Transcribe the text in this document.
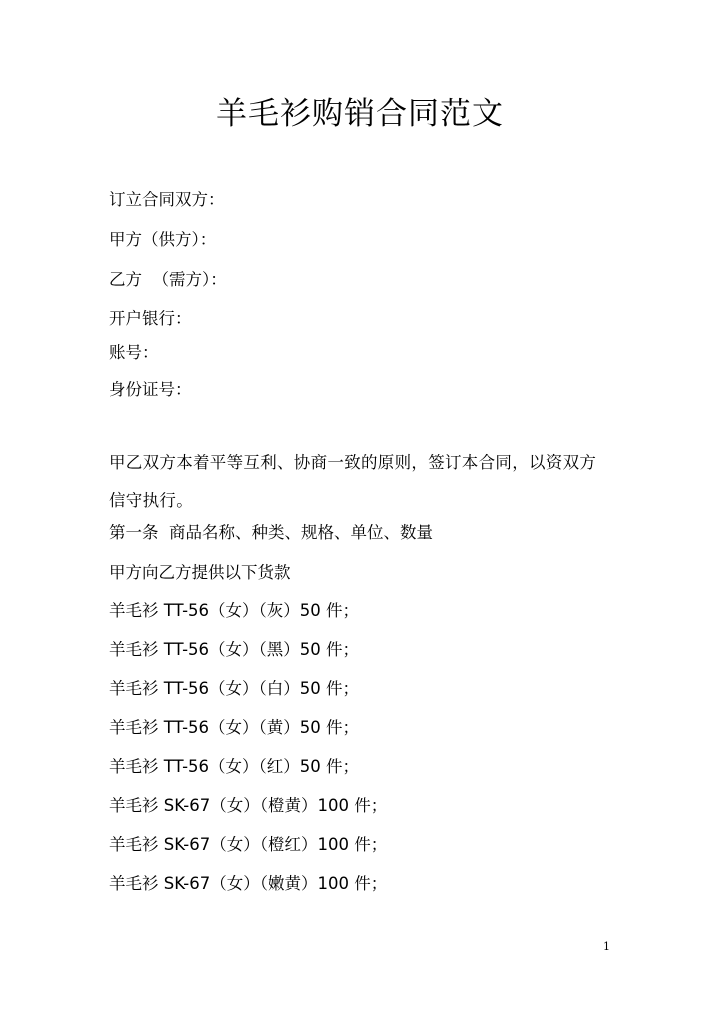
羊毛衫购销合同范文
订立合同双方：
甲方（供方）：
乙方  （需方）：
开户银行：
账号：
身份证号：
甲乙双方本着平等互利、协商一致的原则，签订本合同，以资双方信守执行。
第一条  商品名称、种类、规格、单位、数量
甲方向乙方提供以下货款
羊毛衫 TT-56（女）（灰）50 件；
羊毛衫 TT-56（女）（黑）50 件；
羊毛衫 TT-56（女）（白）50 件；
羊毛衫 TT-56（女）（黄）50 件；
羊毛衫 TT-56（女）（红）50 件；
羊毛衫 SK-67（女）（橙黄）100 件；
羊毛衫 SK-67（女）（橙红）100 件；
羊毛衫 SK-67（女）（嫩黄）100 件；
1
